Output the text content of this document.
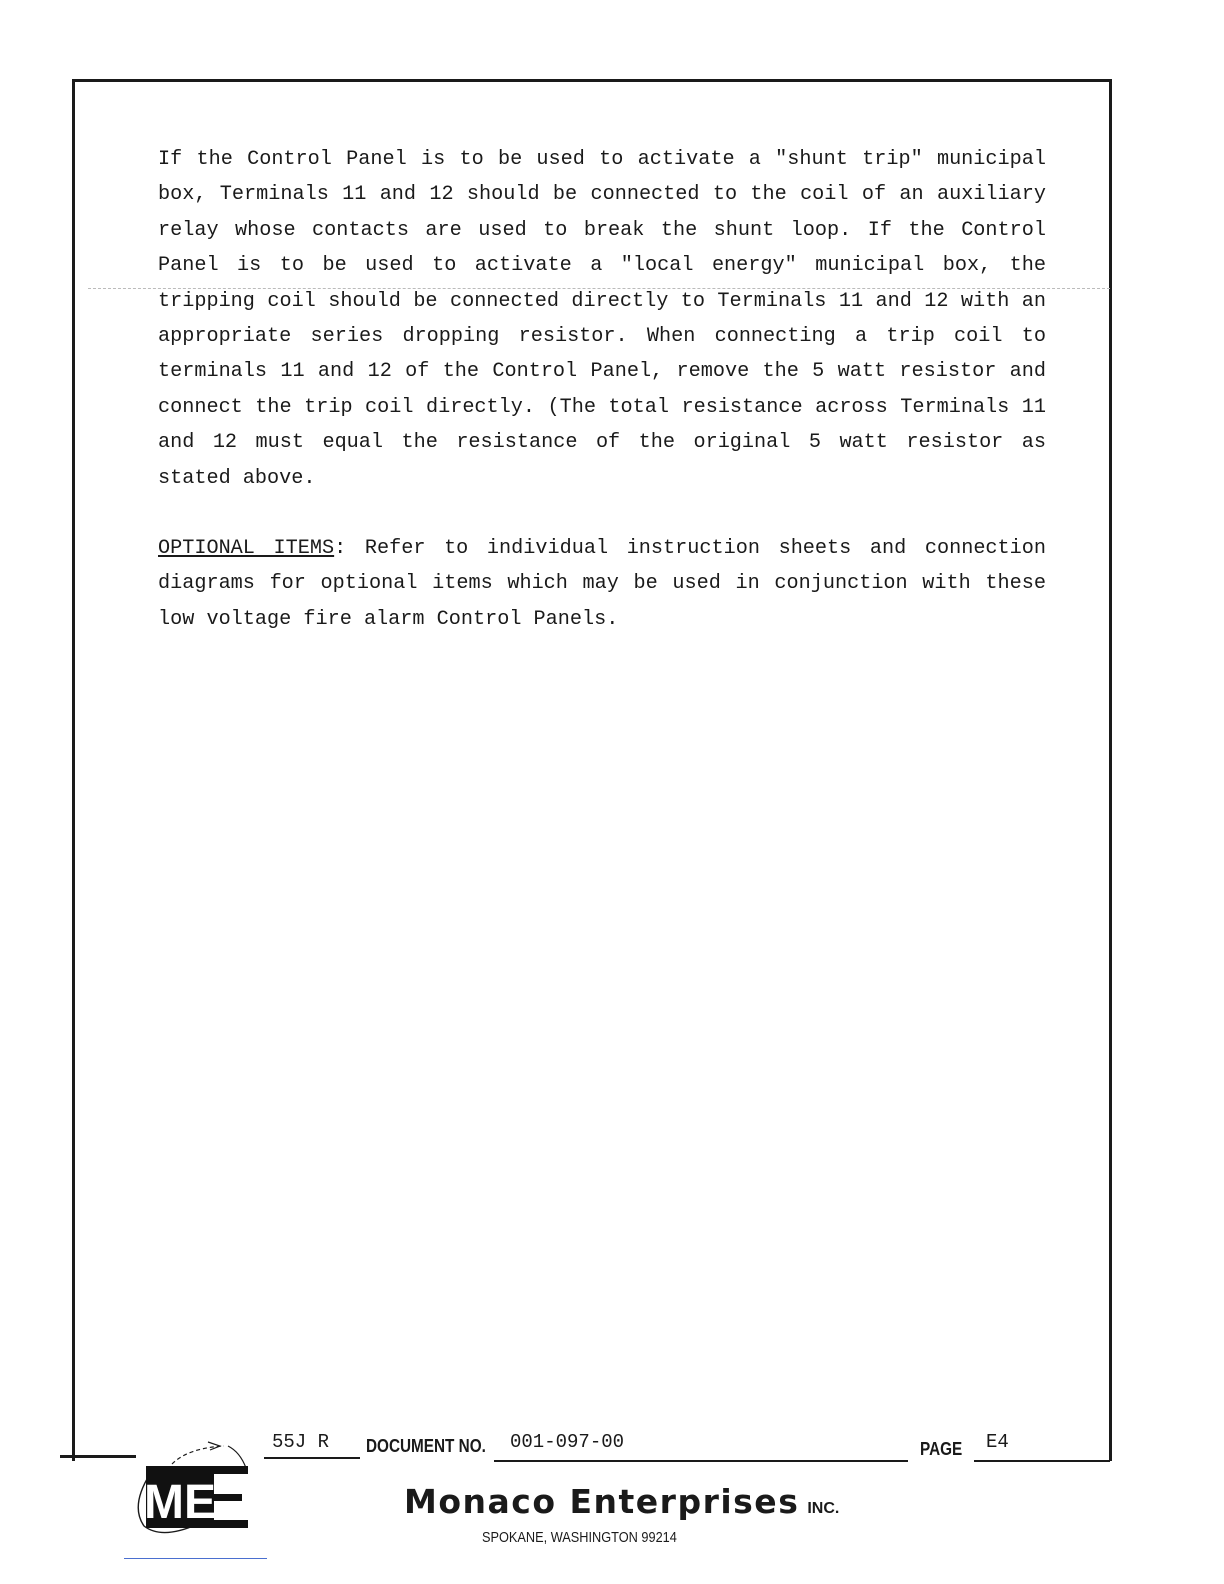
If the Control Panel is to be used to activate a "shunt trip" municipal box, Terminals 11 and 12 should be connected to the coil of an auxiliary relay whose contacts are used to break the shunt loop. If the Control Panel is to be used to activate a "local energy" municipal box, the tripping coil should be connected directly to Terminals 11 and 12 with an appropriate series dropping resistor. When connecting a trip coil to terminals 11 and 12 of the Control Panel, remove the 5 watt resistor and connect the trip coil directly. (The total resistance across Terminals 11 and 12 must equal the resistance of the original 5 watt resistor as stated above.

OPTIONAL ITEMS: Refer to individual instruction sheets and connection diagrams for optional items which may be used in conjunction with these low voltage fire alarm Control Panels.

55J R DOCUMENT NO. 001-097-00	PAGE E4
ME	Monaco Enterprises INC.
SPOKANE, WASHINGTON 99214
